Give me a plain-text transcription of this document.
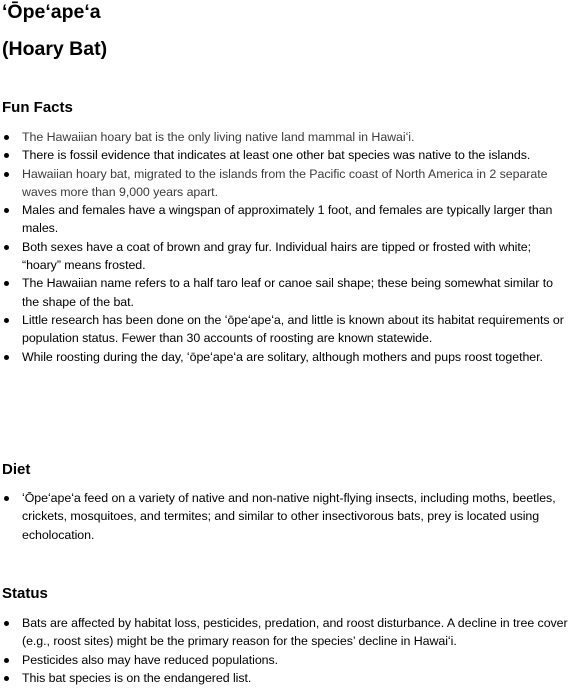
ʻŌpeʻapeʻa
(Hoary Bat)
Fun Facts
The Hawaiian hoary bat is the only living native land mammal in Hawaiʻi.
There is fossil evidence that indicates at least one other bat species was native to the islands.
Hawaiian hoary bat, migrated to the islands from the Pacific coast of North America in 2 separate waves more than 9,000 years apart.
Males and females have a wingspan of approximately 1 foot, and females are typically larger than males.
Both sexes have a coat of brown and gray fur. Individual hairs are tipped or frosted with white; “hoary” means frosted.
The Hawaiian name refers to a half taro leaf or canoe sail shape; these being somewhat similar to the shape of the bat.
Little research has been done on the ʻōpeʻapeʻa, and little is known about its habitat requirements or population status. Fewer than 30 accounts of roosting are known statewide.
While roosting during the day, ʻōpeʻapeʻa are solitary, although mothers and pups roost together.
Diet
ʻŌpeʻapeʻa feed on a variety of native and non-native night-flying insects, including moths, beetles, crickets, mosquitoes, and termites; and similar to other insectivorous bats, prey is located using echolocation.
Status
Bats are affected by habitat loss, pesticides, predation, and roost disturbance. A decline in tree cover (e.g., roost sites) might be the primary reason for the species’ decline in Hawaiʻi.
Pesticides also may have reduced populations.
This bat species is on the endangered list.
